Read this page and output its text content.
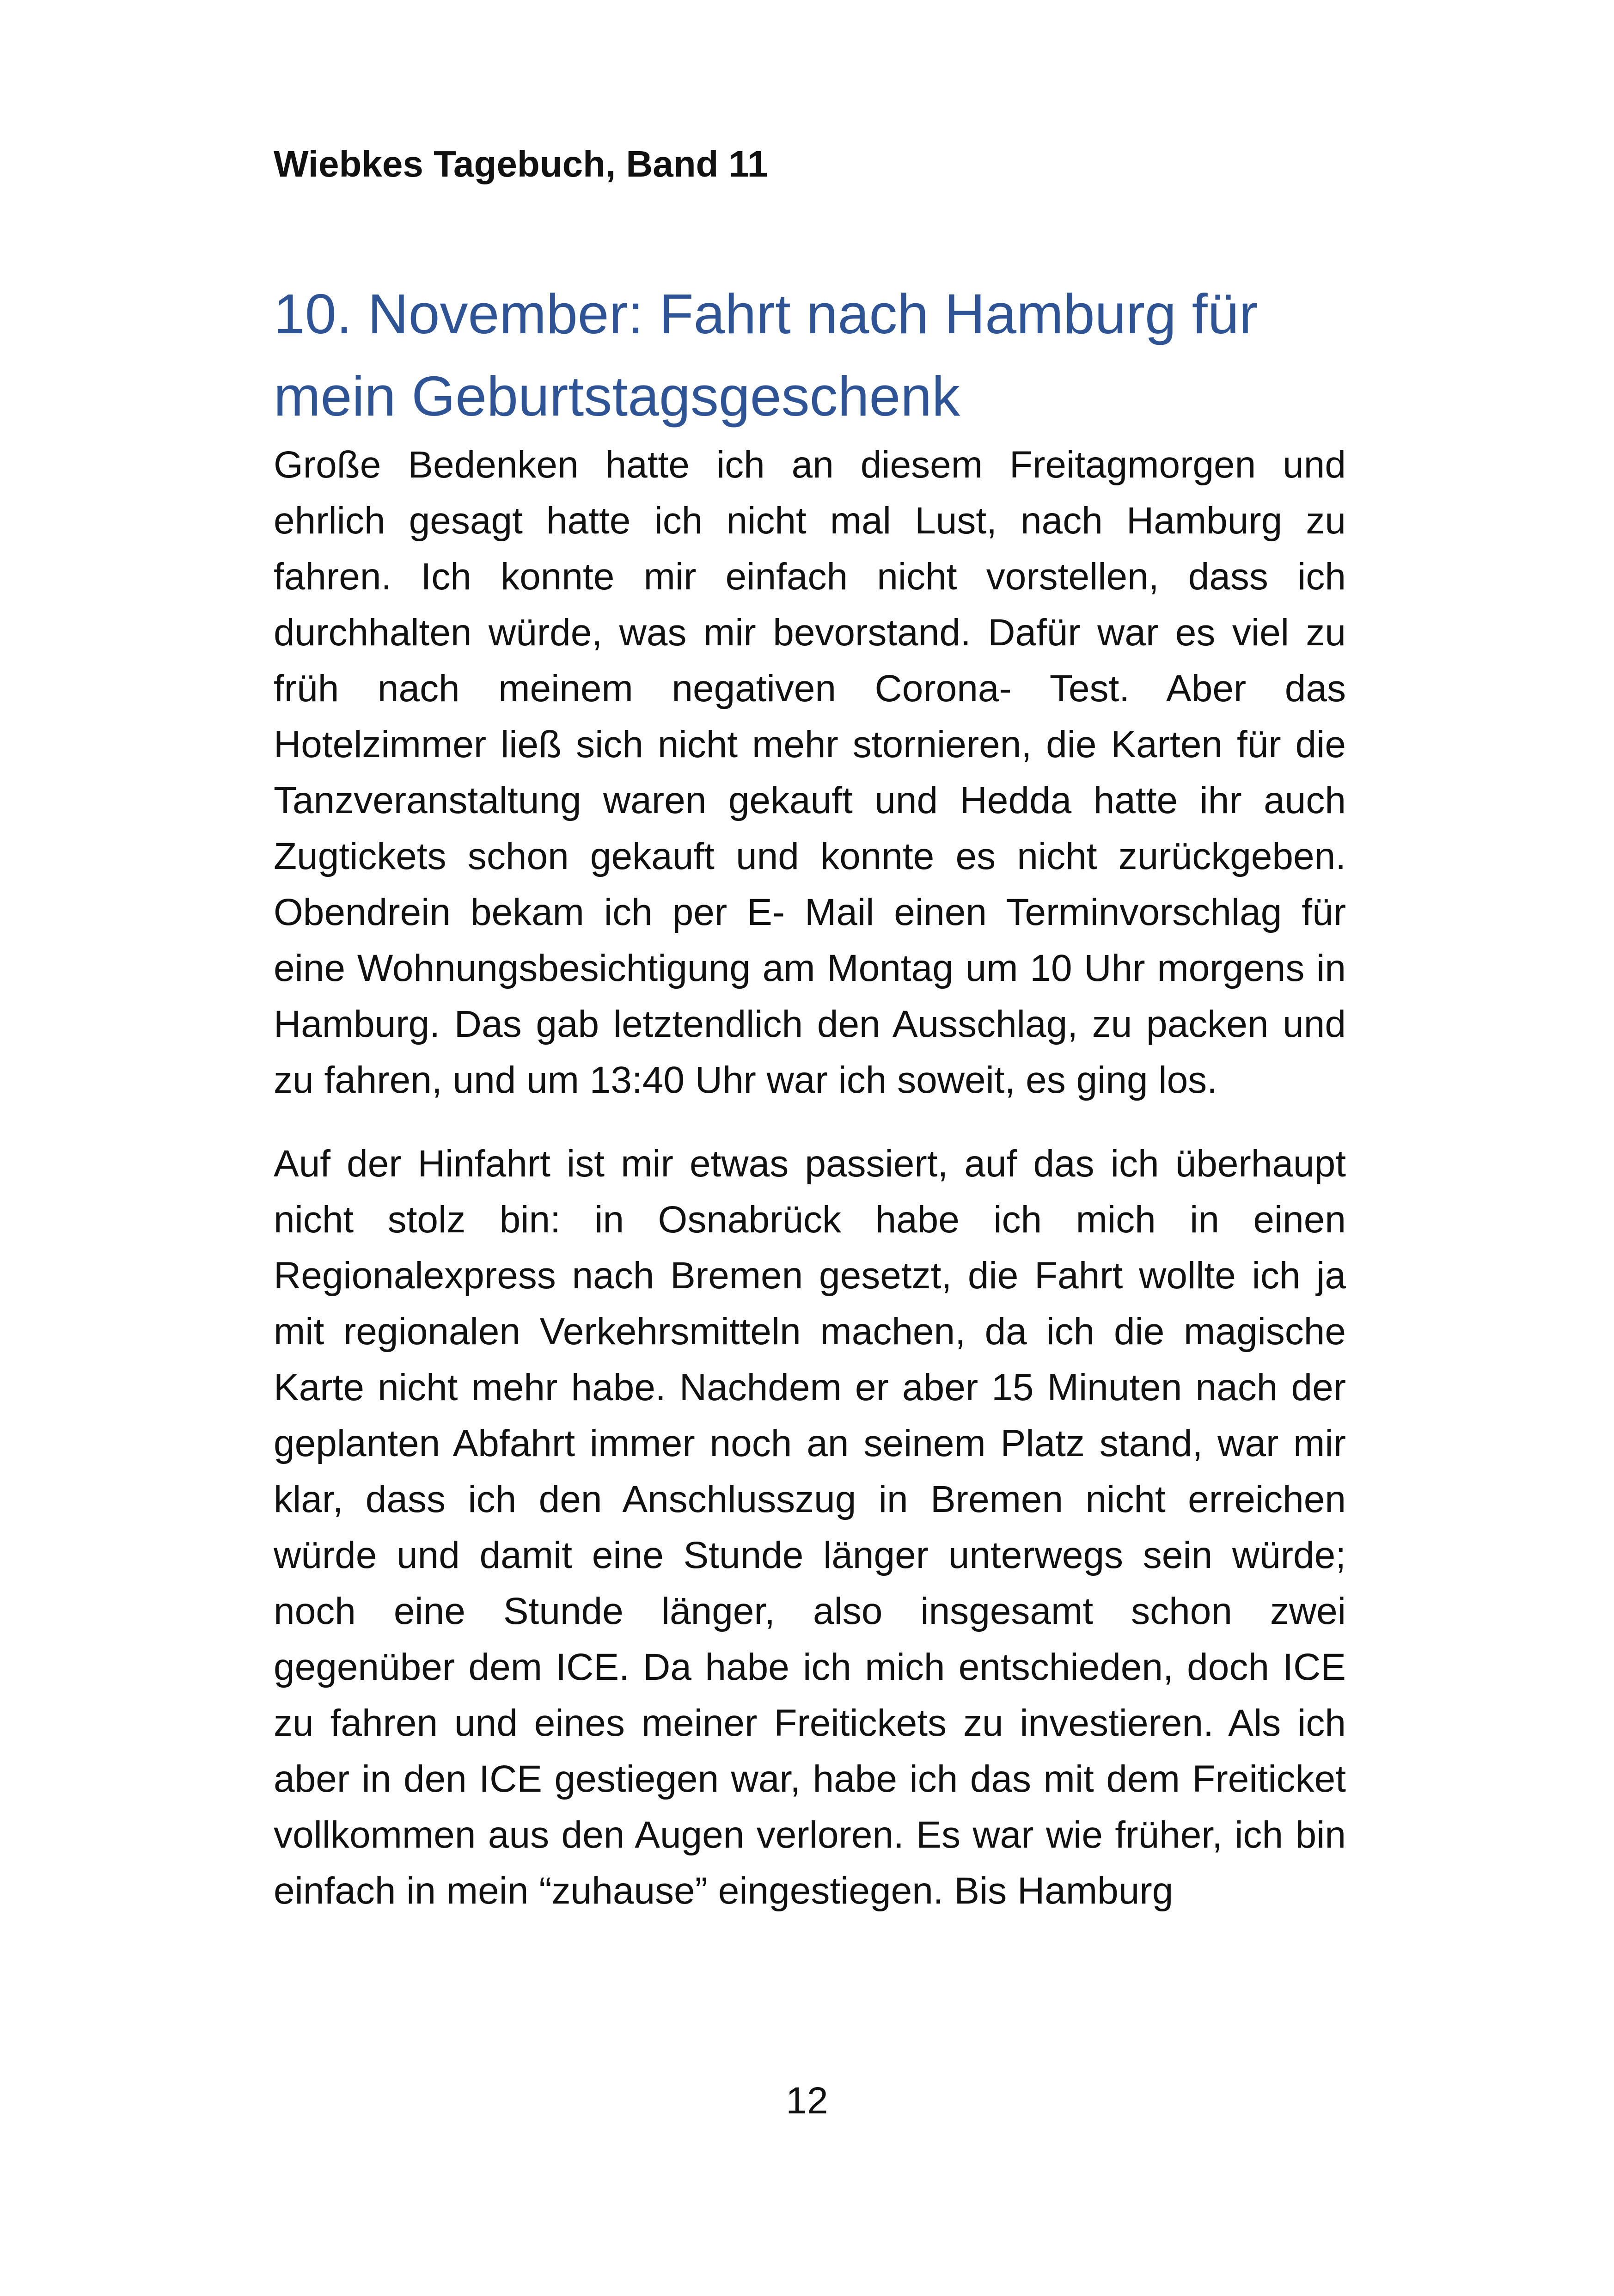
Wiebkes Tagebuch, Band 11
10. November: Fahrt nach Hamburg für mein Geburtstagsgeschenk

Große Bedenken hatte ich an diesem Freitagmorgen und ehrlich gesagt hatte ich nicht mal Lust, nach Hamburg zu fahren. Ich konnte mir einfach nicht vorstellen, dass ich durchhalten würde, was mir bevorstand. Dafür war es viel zu früh nach meinem negativen Corona- Test. Aber das Hotelzimmer ließ sich nicht mehr stornieren, die Karten für die Tanzveranstaltung waren gekauft und Hedda hatte ihr auch Zugtickets schon gekauft und konnte es nicht zurückgeben. Obendrein bekam ich per E- Mail einen Terminvorschlag für eine Wohnungsbesichtigung am Montag um 10 Uhr morgens in Hamburg. Das gab letztendlich den Ausschlag, zu packen und zu fahren, und um 13:40 Uhr war ich soweit, es ging los.

Auf der Hinfahrt ist mir etwas passiert, auf das ich überhaupt nicht stolz bin: in Osnabrück habe ich mich in einen Regionalexpress nach Bremen gesetzt, die Fahrt wollte ich ja mit regionalen Verkehrsmitteln machen, da ich die magische Karte nicht mehr habe. Nachdem er aber 15 Minuten nach der geplanten Abfahrt immer noch an seinem Platz stand, war mir klar, dass ich den Anschlusszug in Bremen nicht erreichen würde und damit eine Stunde länger unterwegs sein würde; noch eine Stunde länger, also insgesamt schon zwei gegenüber dem ICE. Da habe ich mich entschieden, doch ICE zu fahren und eines meiner Freitickets zu investieren. Als ich aber in den ICE gestiegen war, habe ich das mit dem Freiticket vollkommen aus den Augen verloren. Es war wie früher, ich bin einfach in mein “zuhause” eingestiegen. Bis Hamburg

12
